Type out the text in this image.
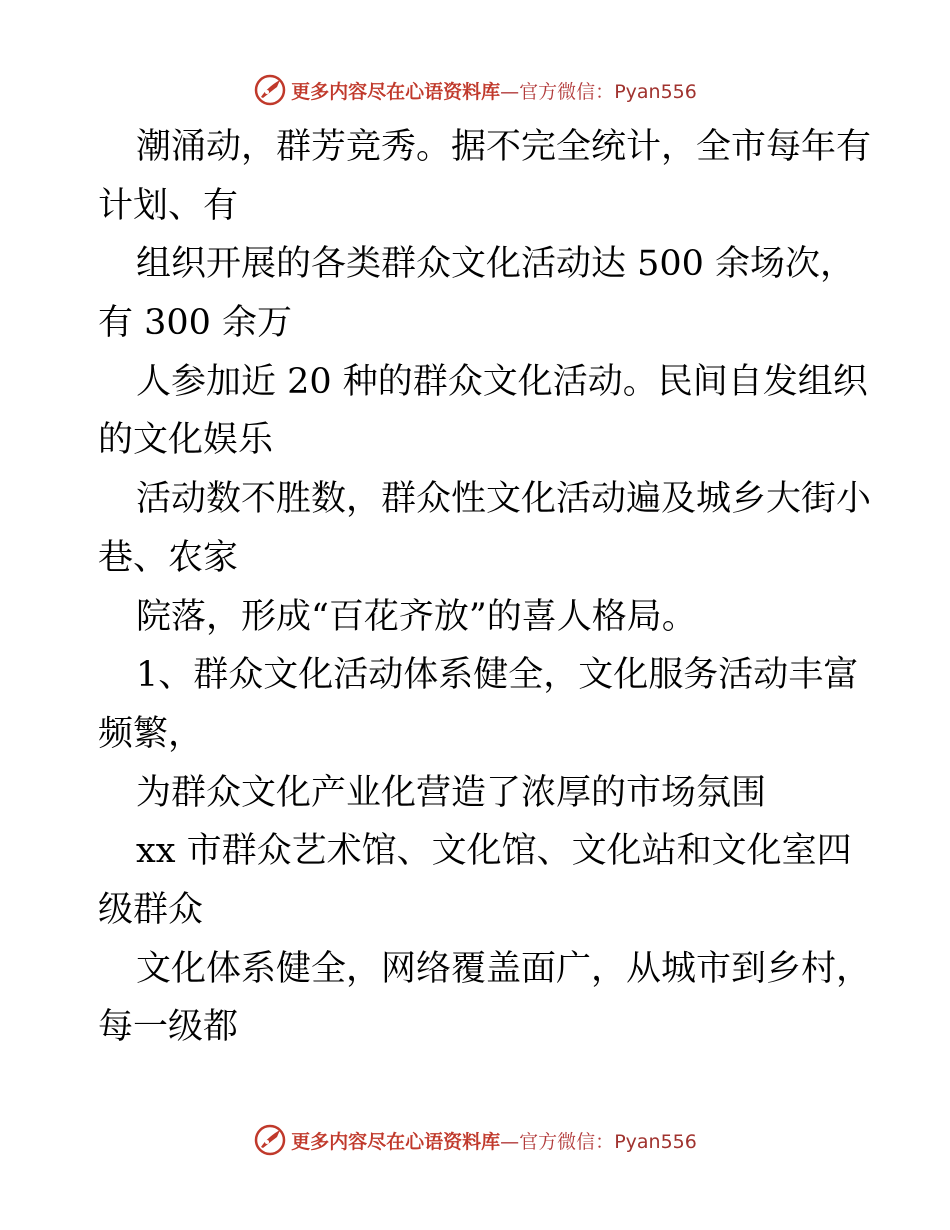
更多内容尽在心语资料库—官方微信：Pyan556
潮涌动，群芳竞秀。据不完全统计，全市每年有
计划、有
组织开展的各类群众文化活动达 500 余场次，
有 300 余万
人参加近 20 种的群众文化活动。民间自发组织
的文化娱乐
活动数不胜数，群众性文化活动遍及城乡大街小
巷、农家
院落，形成“百花齐放”的喜人格局。
1、群众文化活动体系健全，文化服务活动丰富
频繁，
为群众文化产业化营造了浓厚的市场氛围
xx 市群众艺术馆、文化馆、文化站和文化室四
级群众
文化体系健全，网络覆盖面广，从城市到乡村，
每一级都
更多内容尽在心语资料库—官方微信：Pyan556
